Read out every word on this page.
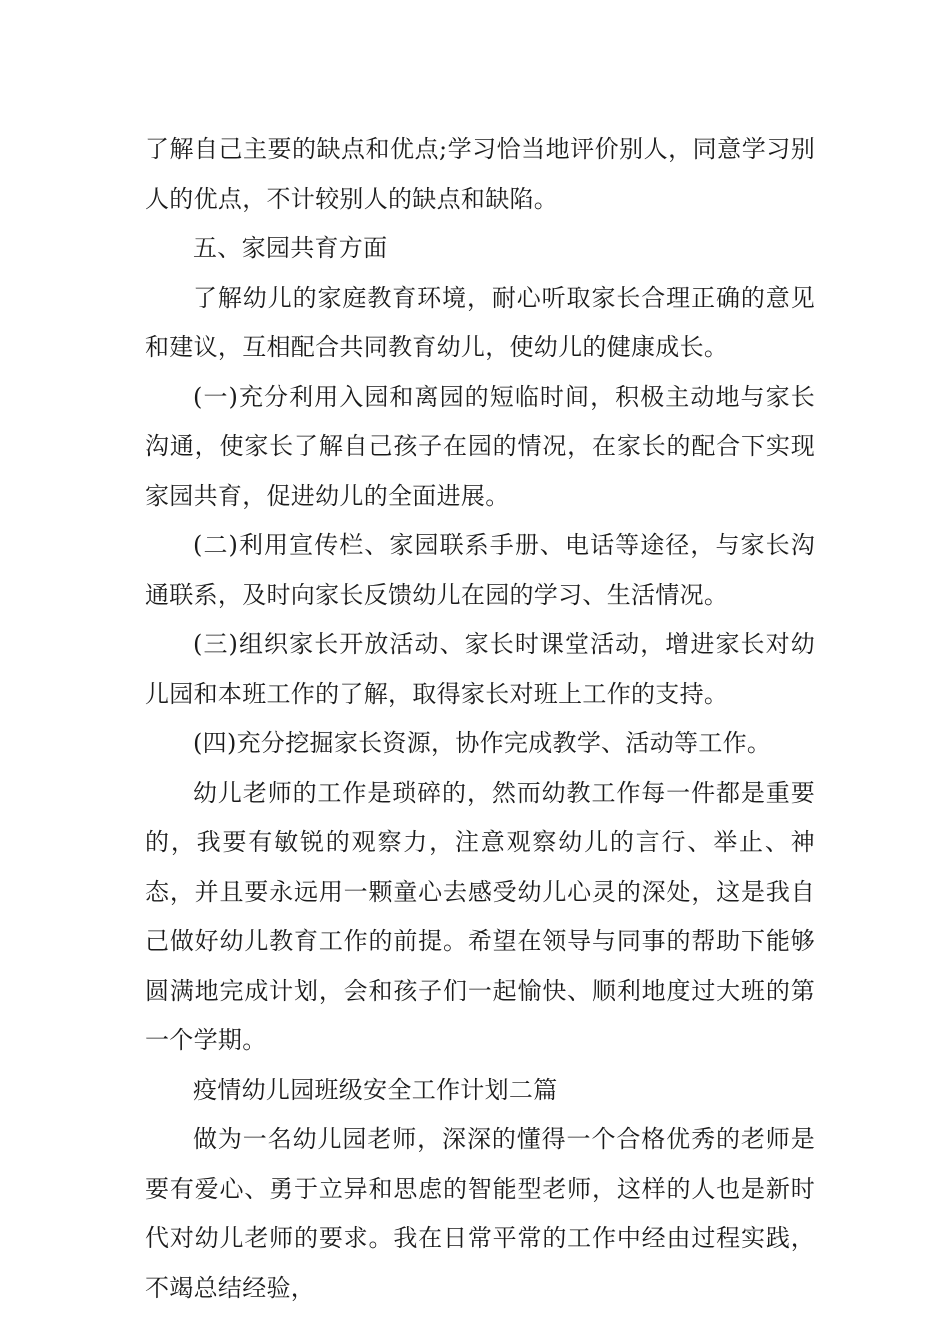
了解自己主要的缺点和优点;学习恰当地评价别人，同意学习别人的优点，不计较别人的缺点和缺陷。

五、家园共育方面

了解幼儿的家庭教育环境，耐心听取家长合理正确的意见和建议，互相配合共同教育幼儿，使幼儿的健康成长。

(一)充分利用入园和离园的短临时间，积极主动地与家长沟通，使家长了解自己孩子在园的情况，在家长的配合下实现家园共育，促进幼儿的全面进展。

(二)利用宣传栏、家园联系手册、电话等途径，与家长沟通联系，及时向家长反馈幼儿在园的学习、生活情况。

(三)组织家长开放活动、家长时课堂活动，增进家长对幼儿园和本班工作的了解，取得家长对班上工作的支持。

(四)充分挖掘家长资源，协作完成教学、活动等工作。

幼儿老师的工作是琐碎的，然而幼教工作每一件都是重要的，我要有敏锐的观察力，注意观察幼儿的言行、举止、神态，并且要永远用一颗童心去感受幼儿心灵的深处，这是我自己做好幼儿教育工作的前提。希望在领导与同事的帮助下能够圆满地完成计划，会和孩子们一起愉快、顺利地度过大班的第一个学期。

疫情幼儿园班级安全工作计划二篇

做为一名幼儿园老师，深深的懂得一个合格优秀的老师是要有爱心、勇于立异和思虑的智能型老师，这样的人也是新时代对幼儿老师的要求。我在日常平常的工作中经由过程实践，不竭总结经验，
